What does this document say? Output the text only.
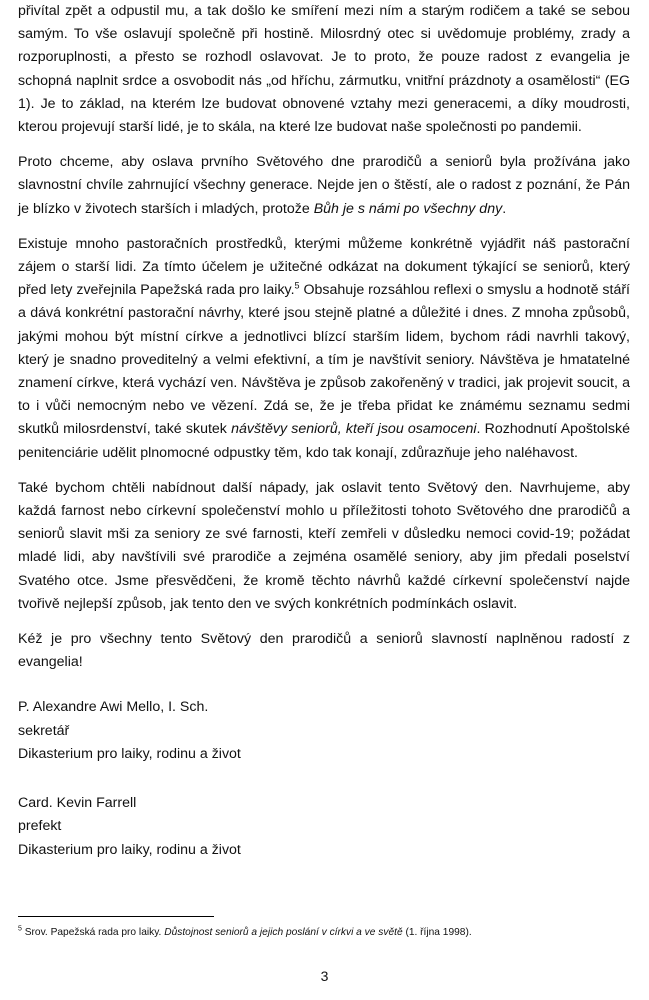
přivítal zpět a odpustil mu, a tak došlo ke smíření mezi ním a starým rodičem a také se sebou samým. To vše oslavují společně při hostině. Milosrdný otec si uvědomuje problémy, zrady a rozporuplnosti, a přesto se rozhodl oslavovat. Je to proto, že pouze radost z evangelia je schopná naplnit srdce a osvobodit nás „od hříchu, zármutku, vnitřní prázdnoty a osamělosti“ (EG 1). Je to základ, na kterém lze budovat obnovené vztahy mezi generacemi, a díky moudrosti, kterou projevují starší lidé, je to skála, na které lze budovat naše společnosti po pandemii.

Proto chceme, aby oslava prvního Světového dne prarodičů a seniorů byla prožívána jako slavnostní chvíle zahrnující všechny generace. Nejde jen o štěstí, ale o radost z poznání, že Pán je blízko v životech starších i mladých, protože Bůh je s námi po všechny dny.

Existuje mnoho pastoračních prostředků, kterými můžeme konkrétně vyjádřit náš pastorační zájem o starší lidi. Za tímto účelem je užitečné odkázat na dokument týkající se seniorů, který před lety zveřejnila Papežská rada pro laiky.$^5$ Obsahuje rozsáhlou reflexi o smyslu a hodnotě stáří a dává konkrétní pastorační návrhy, které jsou stejně platné a důležité i dnes. Z mnoha způsobů, jakými mohou být místní církve a jednotlivci blízcí starším lidem, bychom rádi navrhli takový, který je snadno proveditelný a velmi efektivní, a tím je navštívit seniory. Návštěva je hmatatelné znamení církve, která vychází ven. Návštěva je způsob zakořeněný v tradici, jak projevit soucit, a to i vůči nemocným nebo ve vězení. Zdá se, že je třeba přidat ke známému seznamu sedmi skutků milosrdenství, také skutek návštěvy seniorů, kteří jsou osamoceni. Rozhodnutí Apoštolské penitenciárie udělit plnomocné odpustky těm, kdo tak konají, zdůrazňuje jeho naléhavost.

Také bychom chtěli nabídnout další nápady, jak oslavit tento Světový den. Navrhujeme, aby každá farnost nebo církevní společenství mohlo u příležitosti tohoto Světového dne prarodičů a seniorů slavit mši za seniory ze své farnosti, kteří zemřeli v důsledku nemoci covid-19; požádat mladé lidi, aby navštívili své prarodiče a zejména osamělé seniory, aby jim předali poselství Svatého otce. Jsme přesvědčeni, že kromě těchto návrhů každé církevní společenství najde tvořivě nejlepší způsob, jak tento den ve svých konkrétních podmínkách oslavit.

Kéž je pro všechny tento Světový den prarodičů a seniorů slavností naplněnou radostí z evangelia!

P. Alexandre Awi Mello, I. Sch.
sekretář
Dikasterium pro laiky, rodinu a život
Card. Kevin Farrell
prefekt
Dikasterium pro laiky, rodinu a život
$^5$ Srov. Papežská rada pro laiky. Důstojnost seniorů a jejich poslání v církvi a ve světě (1. října 1998).
3
